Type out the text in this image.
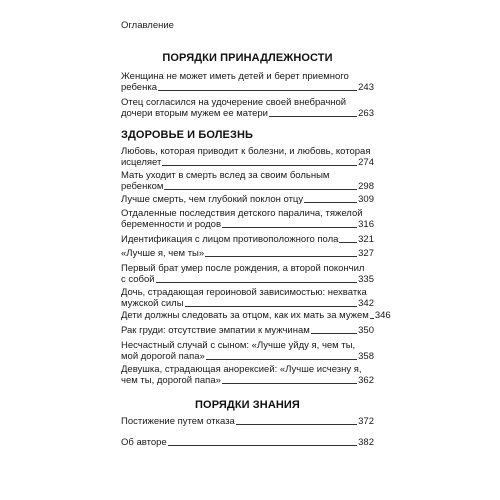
Оглавление
ПОРЯДКИ ПРИНАДЛЕЖНОСТИ
Женщина не может иметь детей и берет приемного
ребенка	243
Отец согласился на удочерение своей внебрачной
дочери вторым мужем ее матери	263
ЗДОРОВЬЕ И БОЛЕЗНЬ
Любовь, которая приводит к болезни, и любовь, которая
исцеляет	274
Мать уходит в смерть вслед за своим больным
ребенком	298
Лучше смерть, чем глубокий поклон отцу	309
Отдаленные последствия детского паралича, тяжелой
беременности и родов	316
Идентификация с лицом противоположного пола 321
«Лучше я, чем ты»	327
Первый брат умер после рождения, а второй покончил
с собой	335
Дочь, страдающая героиновой зависимостью: нехватка
мужской силы	342
Дети должны следовать за отцом, как их мать за мужем 346
Рак груди: отсутствие эмпатии к мужчинам	350
Несчастный случай с сыном: «Лучше уйду я, чем ты,
мой дорогой папа»	358
Девушка, страдающая анорексией: «Лучше исчезну я,
чем ты, дорогой папа»	362
ПОРЯДКИ ЗНАНИЯ
Постижение путем отказа	372
Об авторе	382
